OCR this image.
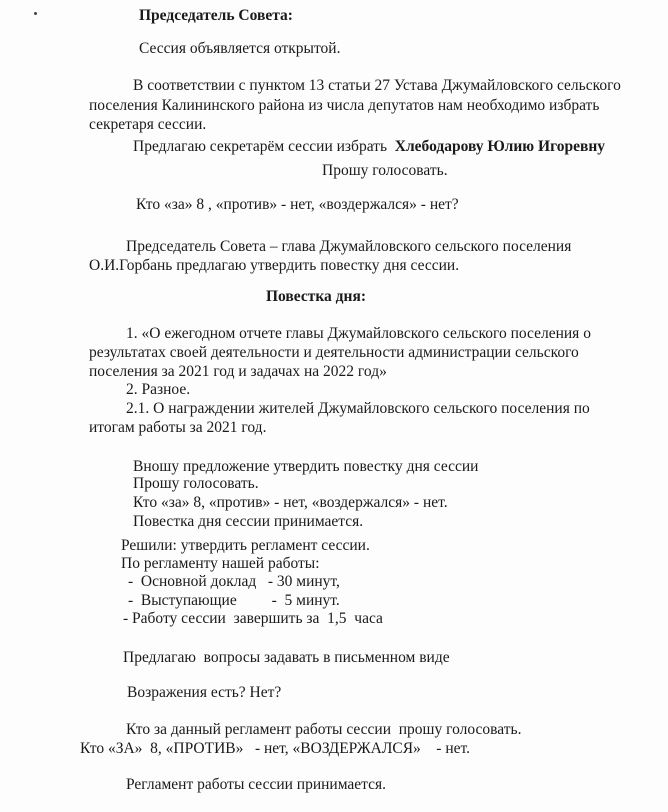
Председатель Совета:
Сессия объявляется открытой.
В соответствии с пунктом 13 статьи 27 Устава Джумайловского сельского
поселения Калининского района из числа депутатов нам необходимо избрать
секретаря сессии.
Предлагаю секретарём сессии избрать Хлебодарову Юлию Игоревну
Прошу голосовать.
Кто «за» 8 , «против» - нет, «воздержался» - нет?
Председатель Совета – глава Джумайловского сельского поселения
О.И.Горбань предлагаю утвердить повестку дня сессии.
Повестка дня:
1. «О ежегодном отчете главы Джумайловского сельского поселения о
результатах своей деятельности и деятельности администрации сельского
поселения за 2021 год и задачах на 2022 год»
2. Разное.
2.1. О награждении жителей Джумайловского сельского поселения по
итогам работы за 2021 год.
Вношу предложение утвердить повестку дня сессии
Прошу голосовать.
Кто «за» 8, «против» - нет, «воздержался» - нет.
Повестка дня сессии принимается.
Решили: утвердить регламент сессии.
По регламенту нашей работы:
-  Основной доклад   - 30 минут,
-  Выступающие         -  5 минут.
- Работу сессии  завершить за  1,5  часа
Предлагаю  вопросы задавать в письменном виде
Возражения есть? Нет?
Кто за данный регламент работы сессии  прошу голосовать.
Кто «ЗА»  8, «ПРОТИВ»   - нет, «ВОЗДЕРЖАЛСЯ»    - нет.
Регламент работы сессии принимается.
